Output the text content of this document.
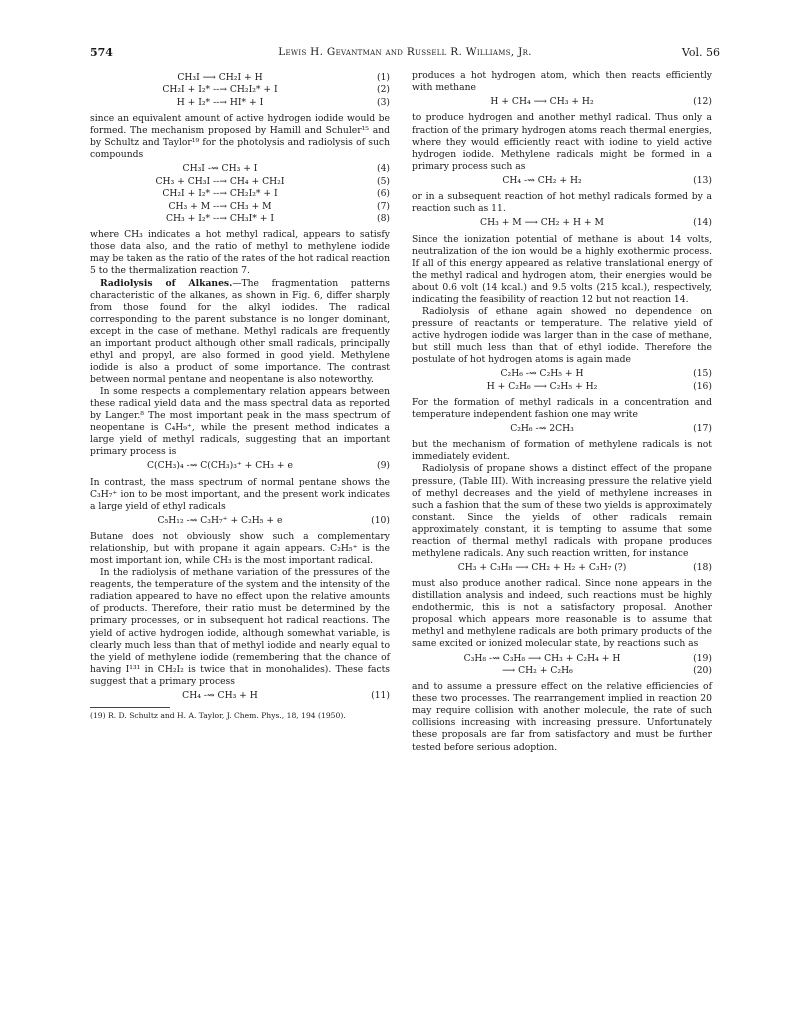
574	Lewis H. Gevantman and Russell R. Williams, Jr.	Vol. 56
CH₃I ⟶ CH₂I + H	(1)
CH₂I + I₂* --→ CH₂I₂* + I	(2)
H + I₂* --→ HI* + I	(3)

since an equivalent amount of active hydrogen iodide would be formed. The mechanism proposed by Hamill and Schuler¹⁵ and by Schultz and Taylor¹⁹ for the photolysis and radiolysis of such compounds

CH₃I -⇝ CH₃ + I	(4)
CH₃ + CH₃I --→ CH₄ + CH₂I	(5)
CH₂I + I₂* --→ CH₂I₂* + I	(6)
CH₃ + M --→ CH₃ + M	(7)
CH₃ + I₂* --→ CH₃I* + I	(8)

where CH₃ indicates a hot methyl radical, appears to satisfy those data also, and the ratio of methyl to methylene iodide may be taken as the ratio of the rates of the hot radical reaction 5 to the thermalization reaction 7.

Radiolysis of Alkanes.—The fragmentation patterns characteristic of the alkanes, as shown in Fig. 6, differ sharply from those found for the alkyl iodides. The radical corresponding to the parent substance is no longer dominant, except in the case of methane. Methyl radicals are frequently an important product although other small radicals, principally ethyl and propyl, are also formed in good yield. Methylene iodide is also a product of some importance. The contrast between normal pentane and neopentane is also noteworthy.

In some respects a complementary relation appears between these radical yield data and the mass spectral data as reported by Langer.⁸ The most important peak in the mass spectrum of neopentane is C₄H₉⁺, while the present method indicates a large yield of methyl radicals, suggesting that an important primary process is

C(CH₃)₄ -⇝ C(CH₃)₃⁺ + CH₃ + e	(9)

In contrast, the mass spectrum of normal pentane shows the C₃H₇⁺ ion to be most important, and the present work indicates a large yield of ethyl radicals

C₅H₁₂ -⇝ C₃H₇⁺ + C₂H₅ + e	(10)

Butane does not obviously show such a complementary relationship, but with propane it again appears. C₂H₅⁺ is the most important ion, while CH₃ is the most important radical.

In the radiolysis of methane variation of the pressures of the reagents, the temperature of the system and the intensity of the radiation appeared to have no effect upon the relative amounts of products. Therefore, their ratio must be determined by the primary processes, or in subsequent hot radical reactions. The yield of active hydrogen iodide, although somewhat variable, is clearly much less than that of methyl iodide and nearly equal to the yield of methylene iodide (remembering that the chance of having I¹³¹ in CH₂I₂ is twice that in monohalides). These facts suggest that a primary process

CH₄ -⇝ CH₃ + H	(11)

(19) R. D. Schultz and H. A. Taylor, J. Chem. Phys., 18, 194 (1950).

produces a hot hydrogen atom, which then reacts efficiently with methane

H + CH₄ ⟶ CH₃ + H₂	(12)

to produce hydrogen and another methyl radical. Thus only a fraction of the primary hydrogen atoms reach thermal energies, where they would efficiently react with iodine to yield active hydrogen iodide. Methylene radicals might be formed in a primary process such as

CH₄ -⇝ CH₂ + H₂	(13)

or in a subsequent reaction of hot methyl radicals formed by a reaction such as 11.

CH₃ + M ⟶ CH₂ + H + M	(14)

Since the ionization potential of methane is about 14 volts, neutralization of the ion would be a highly exothermic process. If all of this energy appeared as relative translational energy of the methyl radical and hydrogen atom, their energies would be about 0.6 volt (14 kcal.) and 9.5 volts (215 kcal.), respectively, indicating the feasibility of reaction 12 but not reaction 14.

Radiolysis of ethane again showed no dependence on pressure of reactants or temperature. The relative yield of active hydrogen iodide was larger than in the case of methane, but still much less than that of ethyl iodide. Therefore the postulate of hot hydrogen atoms is again made

C₂H₆ -⇝ C₂H₅ + H	(15)
H + C₂H₆ ⟶ C₂H₅ + H₂	(16)

For the formation of methyl radicals in a concentration and temperature independent fashion one may write

C₂H₆ -⇝ 2CH₃	(17)

but the mechanism of formation of methylene radicals is not immediately evident.

Radiolysis of propane shows a distinct effect of the propane pressure, (Table III). With increasing pressure the relative yield of methyl decreases and the yield of methylene increases in such a fashion that the sum of these two yields is approximately constant. Since the yields of other radicals remain approximately constant, it is tempting to assume that some reaction of thermal methyl radicals with propane produces methylene radicals. Any such reaction written, for instance

CH₃ + C₃H₈ ⟶ CH₂ + H₂ + C₃H₇ (?)	(18)

must also produce another radical. Since none appears in the distillation analysis and indeed, such reactions must be highly endothermic, this is not a satisfactory proposal. Another proposal which appears more reasonable is to assume that methyl and methylene radicals are both primary products of the same excited or ionized molecular state, by reactions such as

C₃H₈ -⇝ C₃H₈ ⟶ CH₃ + C₂H₄ + H	(19)
⟶ CH₂ + C₂H₆	(20)

and to assume a pressure effect on the relative efficiencies of these two processes. The rearrangement implied in reaction 20 may require collision with another molecule, the rate of such collisions increasing with increasing pressure. Unfortunately these proposals are far from satisfactory and must be further tested before serious adoption.
